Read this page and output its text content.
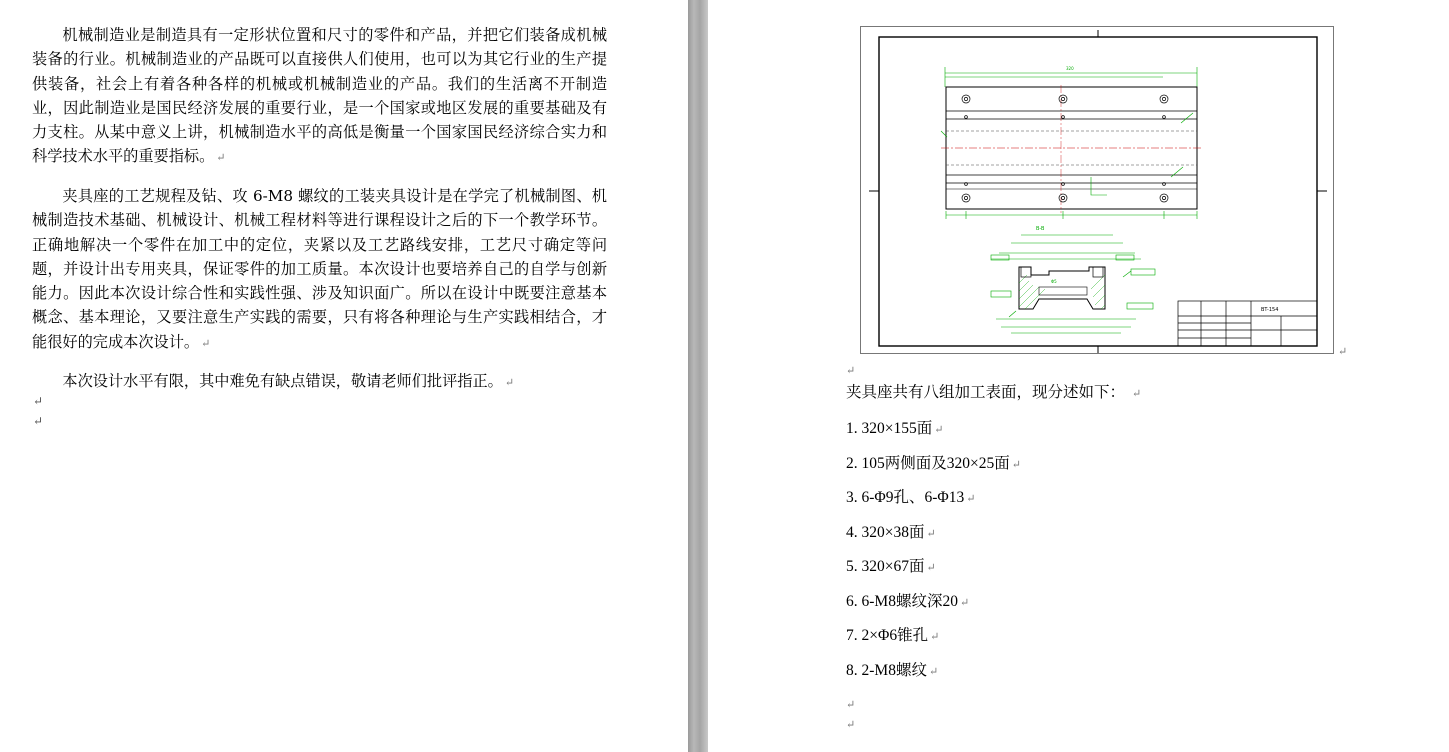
机械制造业是制造具有一定形状位置和尺寸的零件和产品，并把它们装备成机械装备的行业。机械制造业的产品既可以直接供人们使用，也可以为其它行业的生产提供装备，社会上有着各种各样的机械或机械制造业的产品。我们的生活离不开制造业，因此制造业是国民经济发展的重要行业，是一个国家或地区发展的重要基础及有力支柱。从某中意义上讲，机械制造水平的高低是衡量一个国家国民经济综合实力和科学技术水平的重要指标。 ↵

夹具座的工艺规程及钻、攻 6-M8 螺纹的工装夹具设计是在学完了机械制图、机械制造技术基础、机械设计、机械工程材料等进行课程设计之后的下一个教学环节。正确地解决一个零件在加工中的定位，夹紧以及工艺路线安排，工艺尺寸确定等问题，并设计出专用夹具，保证零件的加工质量。本次设计也要培养自己的自学与创新能力。因此本次设计综合性和实践性强、涉及知识面广。所以在设计中既要注意基本概念、基本理论，又要注意生产实践的需要，只有将各种理论与生产实践相结合，才能很好的完成本次设计。 ↵

本次设计水平有限，其中难免有缺点错误，敬请老师们批评指正。 ↵

↵
↵
320
B-B
Φ5
BT-154
↵
↵
夹具座共有八组加工表面，现分述如下： ↵
1. 320×155面 ↵
2. 105两侧面及320×25面 ↵
3. 6-Φ9孔、6-Φ13 ↵
4. 320×38面 ↵
5. 320×67面 ↵
6. 6-M8螺纹深20 ↵
7. 2×Φ6锥孔 ↵
8. 2-M8螺纹 ↵
↵
↵
